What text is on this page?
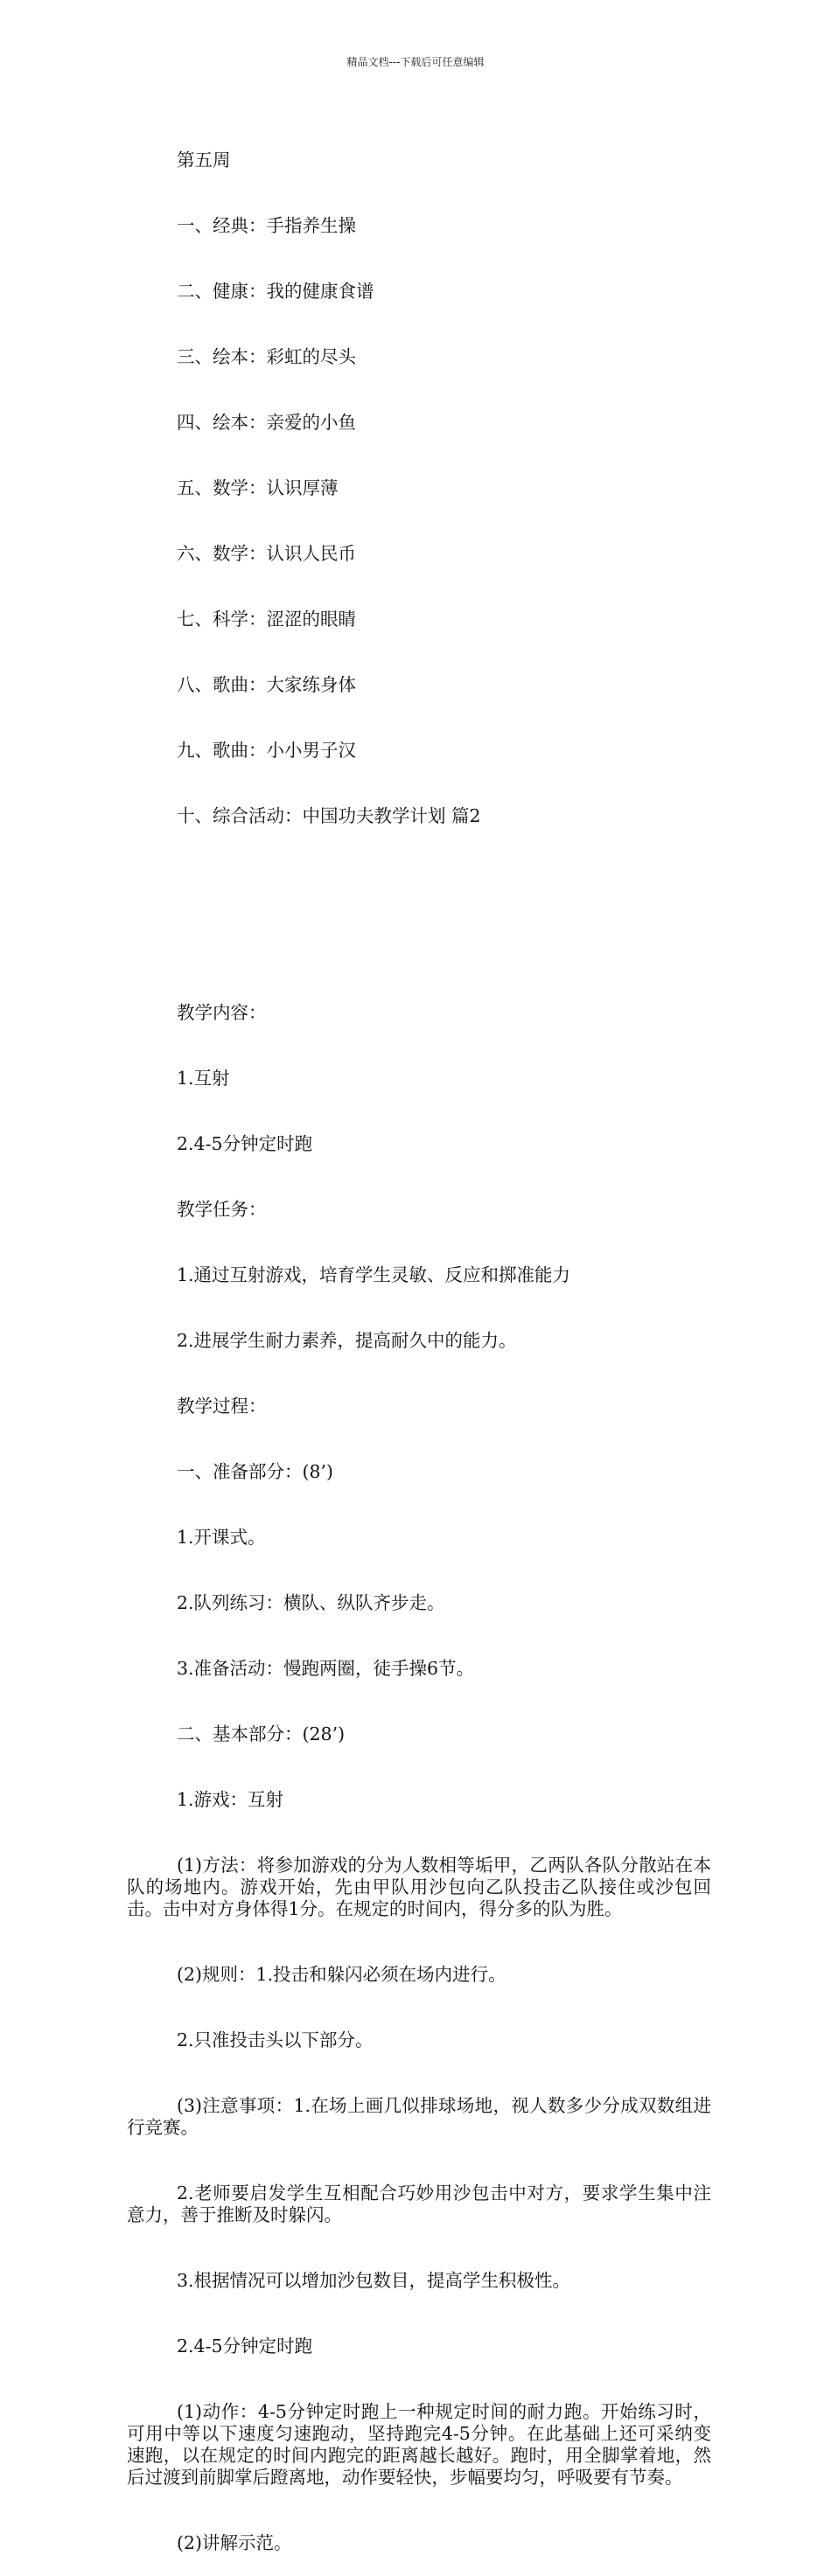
精品文档---下载后可任意编辑

第五周

一、经典：手指养生操

二、健康：我的健康食谱

三、绘本：彩虹的尽头

四、绘本：亲爱的小鱼

五、数学：认识厚薄

六、数学：认识人民币

七、科学：涩涩的眼睛

八、歌曲：大家练身体

九、歌曲：小小男子汉

十、综合活动：中国功夫教学计划 篇2

教学内容：

1.互射

2.4-5分钟定时跑

教学任务：

1.通过互射游戏，培育学生灵敏、反应和掷准能力

2.进展学生耐力素养，提高耐久中的能力。

教学过程：

一、准备部分：(8’)

1.开课式。

2.队列练习：横队、纵队齐步走。

3.准备活动：慢跑两圈，徒手操6节。

二、基本部分：(28’)

1.游戏：互射

(1)方法：将参加游戏的分为人数相等垢甲，乙两队各队分散站在本队的场地内。游戏开始，先由甲队用沙包向乙队投击乙队接住或沙包回击。击中对方身体得1分。在规定的时间内，得分多的队为胜。

(2)规则：1.投击和躲闪必须在场内进行。

2.只准投击头以下部分。

(3)注意事项：1.在场上画几似排球场地，视人数多少分成双数组进行竞赛。

2.老师要启发学生互相配合巧妙用沙包击中对方，要求学生集中注意力，善于推断及时躲闪。

3.根据情况可以增加沙包数目，提高学生积极性。

2.4-5分钟定时跑

(1)动作：4-5分钟定时跑上一种规定时间的耐力跑。开始练习时，可用中等以下速度匀速跑动，坚持跑完4-5分钟。在此基础上还可采纳变速跑，以在规定的时间内跑完的距离越长越好。跑时，用全脚掌着地，然后过渡到前脚掌后蹬离地，动作要轻快，步幅要均匀，呼吸要有节奏。

(2)讲解示范。
